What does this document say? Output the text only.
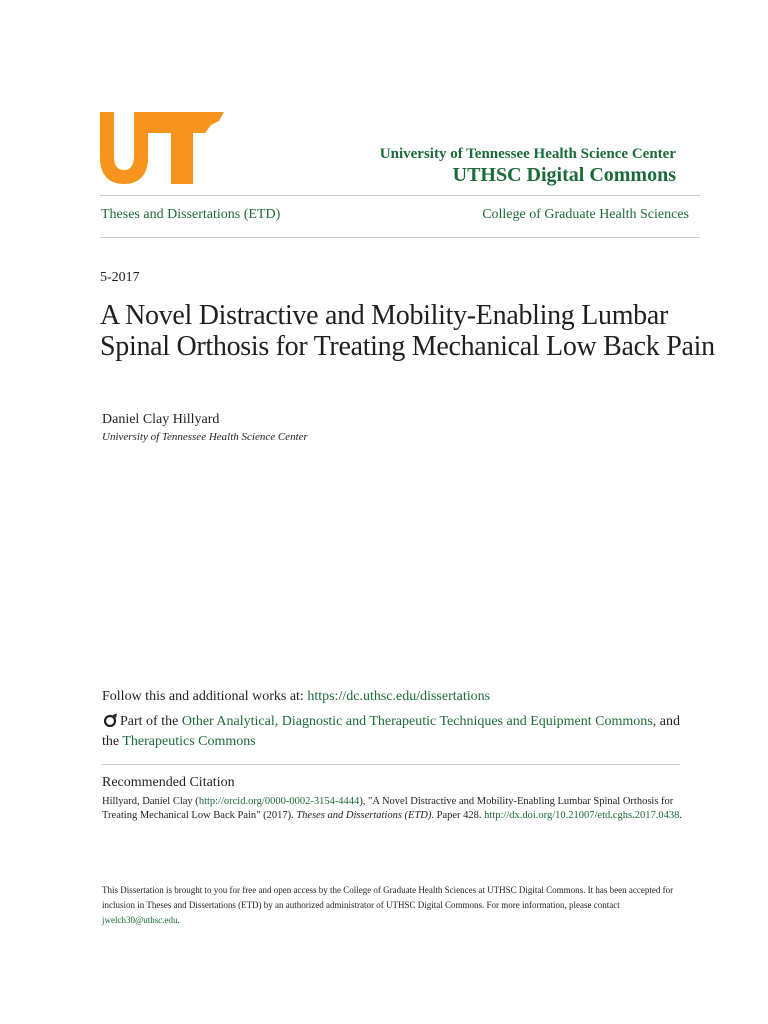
University of Tennessee Health Science Center
UTHSC Digital Commons
Theses and Dissertations (ETD)	College of Graduate Health Sciences
5-2017
A Novel Distractive and Mobility-Enabling Lumbar Spinal Orthosis for Treating Mechanical Low Back Pain
Daniel Clay Hillyard
University of Tennessee Health Science Center
Follow this and additional works at: https://dc.uthsc.edu/dissertations
Part of the Other Analytical, Diagnostic and Therapeutic Techniques and Equipment Commons, and the Therapeutics Commons
Recommended Citation
Hillyard, Daniel Clay (http://orcid.org/0000-0002-3154-4444), "A Novel Distractive and Mobility-Enabling Lumbar Spinal Orthosis for Treating Mechanical Low Back Pain" (2017). Theses and Dissertations (ETD). Paper 428. http://dx.doi.org/10.21007/etd.cghs.2017.0438.
This Dissertation is brought to you for free and open access by the College of Graduate Health Sciences at UTHSC Digital Commons. It has been accepted for inclusion in Theses and Dissertations (ETD) by an authorized administrator of UTHSC Digital Commons. For more information, please contact jwelch30@uthsc.edu.
